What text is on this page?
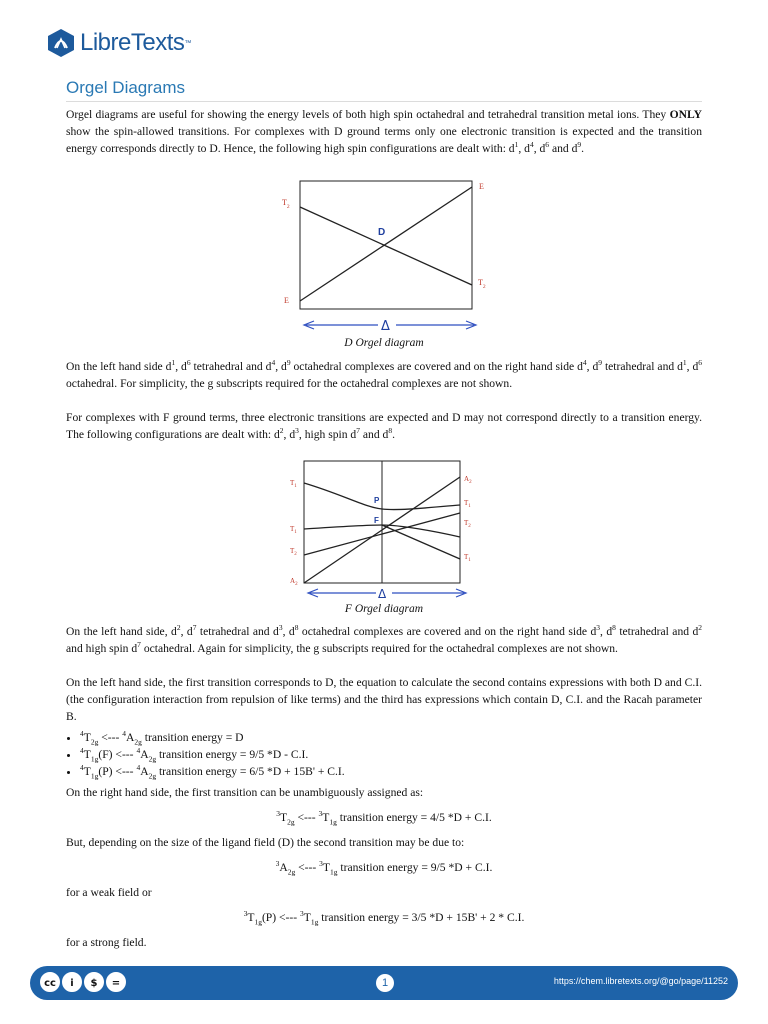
LibreTexts ™
Orgel Diagrams

Orgel diagrams are useful for showing the energy levels of both high spin octahedral and tetrahedral transition metal ions. They ONLY show the spin-allowed transitions. For complexes with D ground terms only one electronic transition is expected and the transition energy corresponds directly to D. Hence, the following high spin configurations are dealt with: $d^1$, $d^4$, $d^6$ and $d^9$.

$T_2$
E
E
$T_2$
D
Δ

D Orgel diagram

On the left hand side $d^1$, $d^6$ tetrahedral and $d^4$, $d^9$ octahedral complexes are covered and on the right hand side $d^4$, $d^9$ tetrahedral and $d^1$, $d^6$ octahedral. For simplicity, the g subscripts required for the octahedral complexes are not shown.

For complexes with F ground terms, three electronic transitions are expected and D may not correspond directly to a transition energy. The following configurations are dealt with: $d^2$, $d^3$, high spin $d^7$ and $d^8$.

$T_1$
$T_1$
$T_2$
$A_2$
$A_2$
$T_1$
$T_2$
$T_1$
P
F
Δ

F Orgel diagram

On the left hand side, $d^2$, $d^7$ tetrahedral and $d^3$, $d^8$ octahedral complexes are covered and on the right hand side $d^3$, $d^8$ tetrahedral and $d^2$ and high spin $d^7$ octahedral. Again for simplicity, the g subscripts required for the octahedral complexes are not shown.

On the left hand side, the first transition corresponds to D, the equation to calculate the second contains expressions with both D and C.I. (the configuration interaction from repulsion of like terms) and the third has expressions which contain D, C.I. and the Racah parameter B.

• $^4T_{2g}$ <--- $^4A_{2g}$ transition energy = D
• $^4T_{1g}(F)$ <--- $^4A_{2g}$ transition energy = 9/5 *D - C.I.
• $^4T_{1g}(P)$ <--- $^4A_{2g}$ transition energy = 6/5 *D + 15B' + C.I.

On the right hand side, the first transition can be unambiguously assigned as:

$^3T_{2g}$ <--- $^3T_{1g}$ transition energy = 4/5 *D + C.I.

But, depending on the size of the ligand field (D) the second transition may be due to:

$^3A_{2g}$ <--- $^3T_{1g}$ transition energy = 9/5 *D + C.I.

for a weak field or

$^3T_{1g}(P)$ <--- $^3T_{1g}$ transition energy = 3/5 *D + 15B' + 2 * C.I.

for a strong field.

cc	i	$	=	1	https://chem.libretexts.org/@go/page/11252
